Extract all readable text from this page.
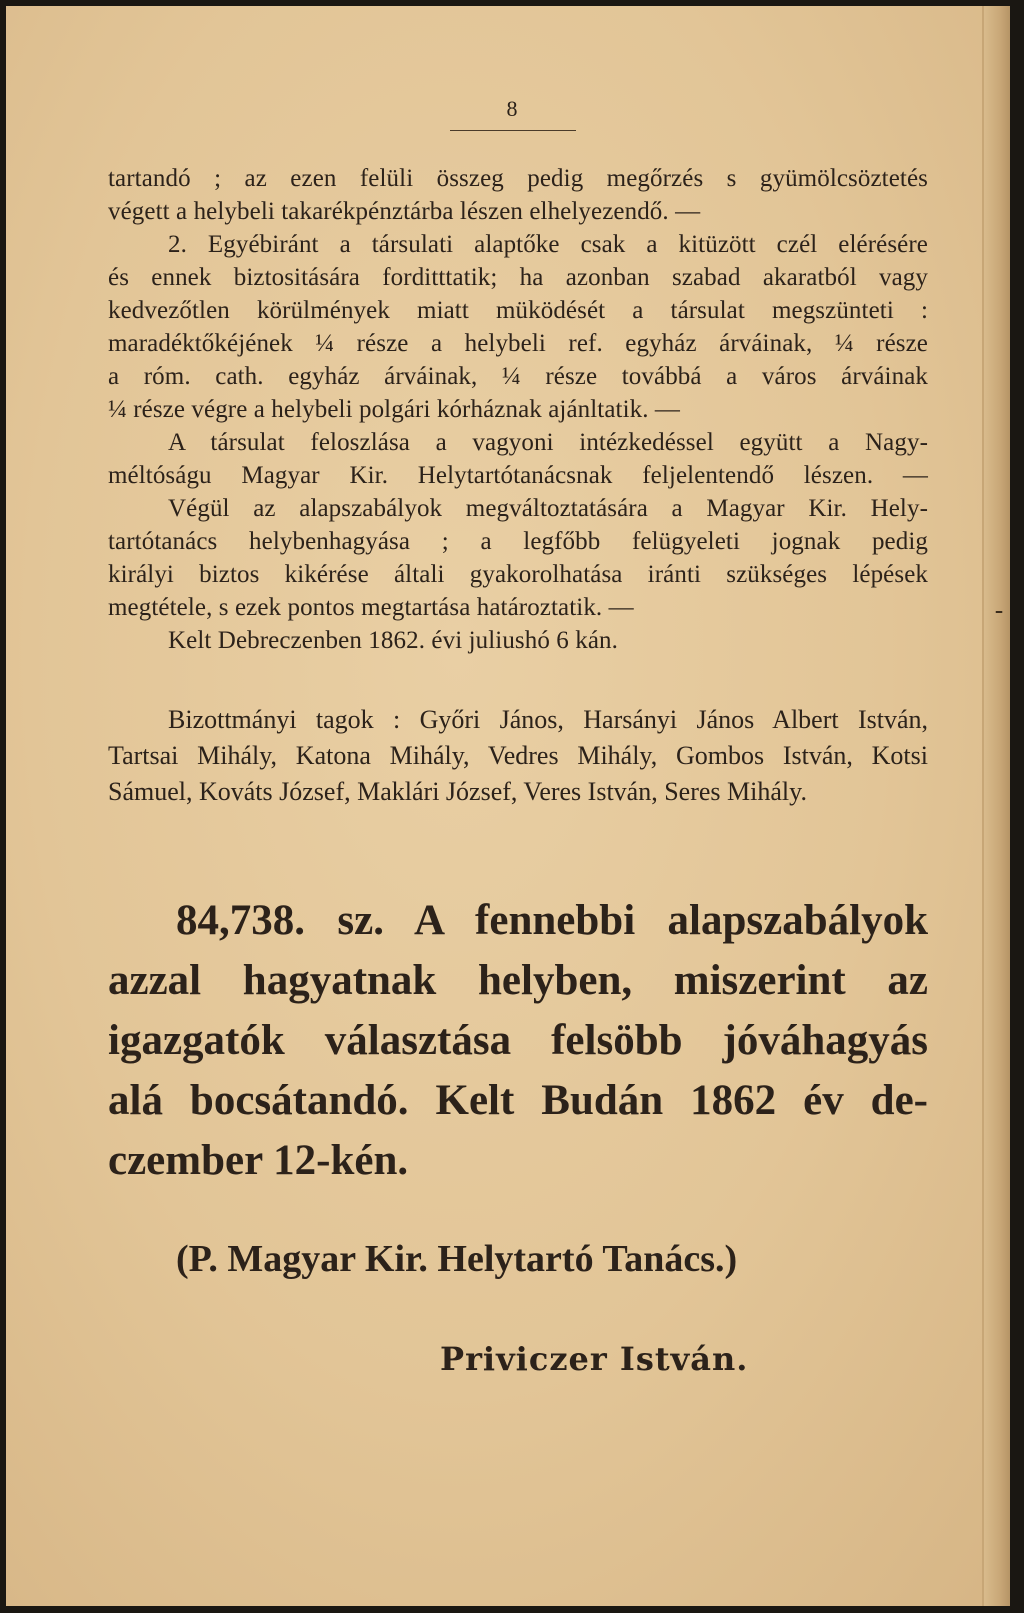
-
8

tartandó ; az ezen felüli összeg pedig megőrzés s gyümölcsöztetés

végett a helybeli takarékpénztárba lészen elhelyezendő. —

2. Egyébiránt a társulati alaptőke csak a kitüzött czél elérésére

és ennek biztositására forditttatik; ha azonban szabad akaratból vagy

kedvezőtlen körülmények miatt müködését a társulat megszünteti :

maradéktőkéjének ¼ része a helybeli ref. egyház árváinak, ¼ része

a róm. cath. egyház árváinak, ¼ része továbbá a város árváinak

¼ része végre a helybeli polgári kórháznak ajánltatik. —

A társulat feloszlása a vagyoni intézkedéssel együtt a Nagy-

méltóságu Magyar Kir. Helytartótanácsnak feljelentendő lészen. —

Végül az alapszabályok megváltoztatására a Magyar Kir. Hely-

tartótanács helybenhagyása ; a legfőbb felügyeleti jognak pedig

királyi biztos kikérése általi gyakorolhatása iránti szükséges lépések

megtétele, s ezek pontos megtartása határoztatik. —

Kelt Debreczenben 1862. évi juliushó 6 kán.

Bizottmányi tagok : Győri János, Harsányi János Albert István,

Tartsai Mihály, Katona Mihály, Vedres Mihály, Gombos István, Kotsi

Sámuel, Kováts József, Maklári József, Veres István, Seres Mihály.

84,738. sz. A fennebbi alapszabályok

azzal hagyatnak helyben, miszerint az

igazgatók választása felsöbb jóváhagyás

alá bocsátandó. Kelt Budán 1862 év de-

czember 12-kén.

(P. Magyar Kir. Helytartó Tanács.)

Priviczer István.
